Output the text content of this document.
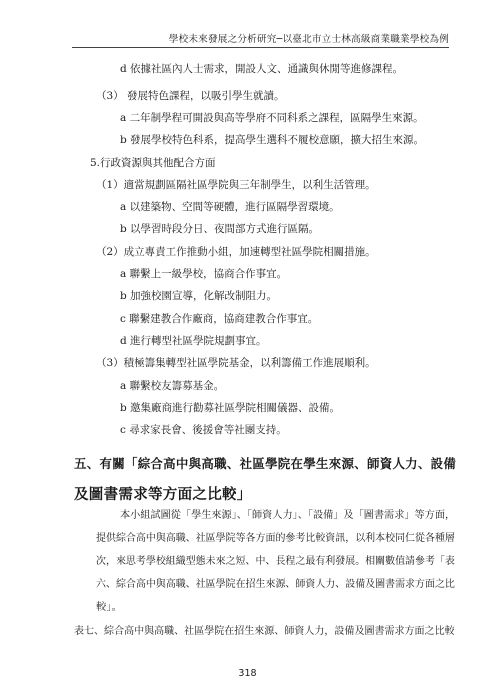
學校未來發展之分析研究─以臺北市立士林高級商業職業學校為例
d 依據社區內人士需求，開設人文、通識與休閒等進修課程。
（3） 發展特色課程，以吸引學生就讀。
a 二年制學程可開設與高等學府不同科系之課程，區隔學生來源。
b 發展學校特色科系，提高學生選科不履校意願，擴大招生來源。
5.行政資源與其他配合方面
（1）適當規劃區隔社區學院與三年制學生，以利生活管理。
a 以建築物、空間等硬體，進行區隔學習環境。
b 以學習時段分日、夜間部方式進行區隔。
（2）成立專責工作推動小組，加速轉型社區學院相關措施。
a 聯繫上一級學校，協商合作事宜。
b 加強校園宣導，化解改制阻力。
c 聯繫建教合作廠商，協商建教合作事宜。
d 進行轉型社區學院規劃事宜。
（3）積極籌集轉型社區學院基金，以利籌備工作進展順利。
a 聯繫校友籌募基金。
b 邀集廠商進行勸募社區學院相關儀器、設備。
c 尋求家長會、後援會等社團支持。
五、有關「綜合高中與高職、社區學院在學生來源、師資人力、設備
及圖書需求等方面之比較」
本小組試圖從「學生來源」、「師資人力」、「設備」及「圖書需求」等方面，
提供綜合高中與高職、社區學院等各方面的參考比較資訊，以利本校同仁從各種層
次，來思考學校組織型態未來之短、中、長程之最有利發展。相關數值請參考「表
六、綜合高中與高職、社區學院在招生來源、師資人力、設備及圖書需求方面之比
較」。
表七、綜合高中與高職、社區學院在招生來源、師資人力，設備及圖書需求方面之比較
318
